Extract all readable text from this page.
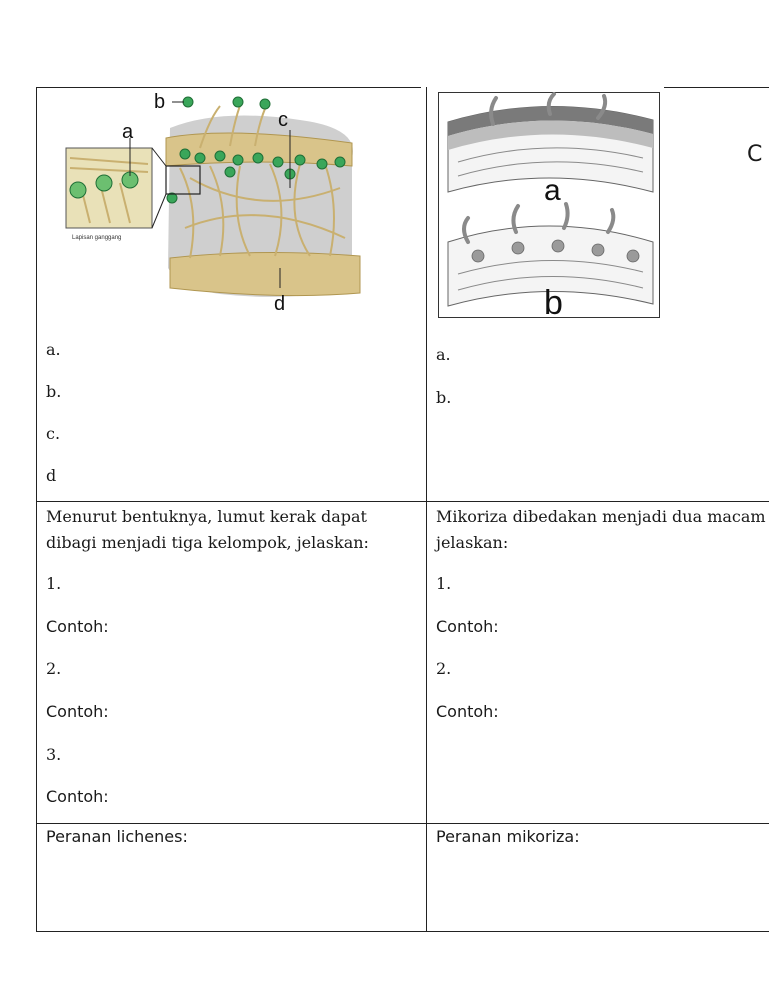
C
b
a
c
d
Lapisan ganggang
a
b
a.
b.
c.
d
a.
b.
Menurut bentuknya, lumut kerak dapat
dibagi menjadi tiga kelompok, jelaskan:
1.
Contoh:
2.
Contoh:
3.
Contoh:
Mikoriza dibedakan menjadi dua macam
jelaskan:
1.
Contoh:
2.
Contoh:
Peranan lichenes:	Peranan mikoriza:
